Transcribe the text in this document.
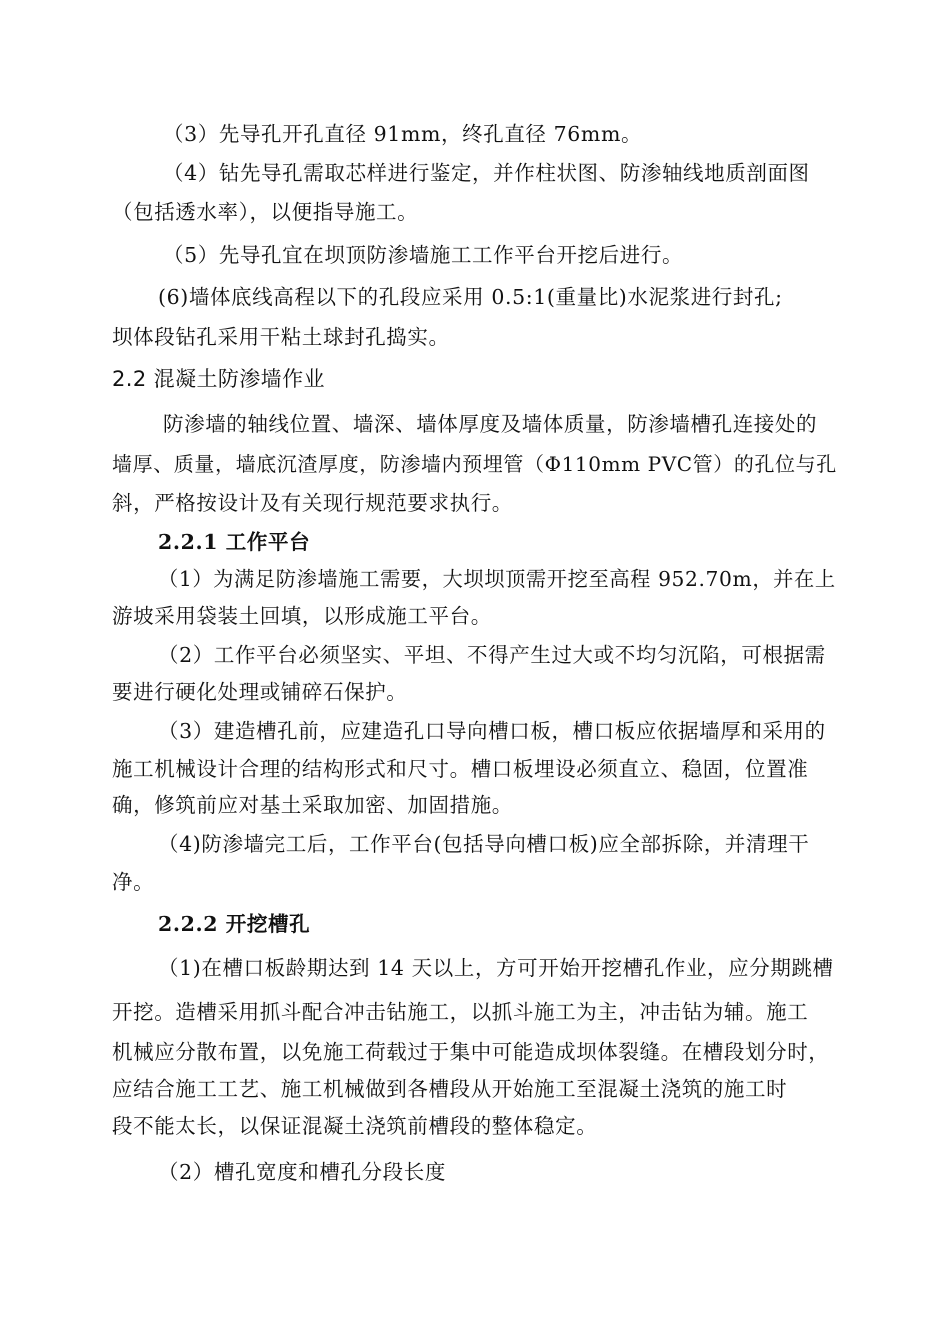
（3）先导孔开孔直径 91mm，终孔直径 76mm。
（4）钻先导孔需取芯样进行鉴定，并作柱状图、防渗轴线地质剖面图
（包括透水率），以便指导施工。
（5）先导孔宜在坝顶防渗墙施工工作平台开挖后进行。
(6)墙体底线高程以下的孔段应采用 0.5:1(重量比)水泥浆进行封孔;
坝体段钻孔采用干粘土球封孔捣实。
2.2 混凝土防渗墙作业
防渗墙的轴线位置、墙深、墙体厚度及墙体质量，防渗墙槽孔连接处的
墙厚、质量，墙底沉渣厚度，防渗墙内预埋管（Φ110mm PVC管）的孔位与孔
斜，严格按设计及有关现行规范要求执行。
2.2.1 工作平台
（1）为满足防渗墙施工需要，大坝坝顶需开挖至高程 952.70m，并在上
游坡采用袋装土回填，以形成施工平台。
（2）工作平台必须坚实、平坦、不得产生过大或不均匀沉陷，可根据需
要进行硬化处理或铺碎石保护。
（3）建造槽孔前，应建造孔口导向槽口板，槽口板应依据墙厚和采用的
施工机械设计合理的结构形式和尺寸。槽口板埋设必须直立、稳固，位置准
确，修筑前应对基土采取加密、加固措施。
（4)防渗墙完工后，工作平台(包括导向槽口板)应全部拆除，并清理干
净。
2.2.2 开挖槽孔
（1)在槽口板龄期达到 14 天以上，方可开始开挖槽孔作业，应分期跳槽
开挖。造槽采用抓斗配合冲击钻施工，以抓斗施工为主，冲击钻为辅。施工
机械应分散布置，以免施工荷载过于集中可能造成坝体裂缝。在槽段划分时，
应结合施工工艺、施工机械做到各槽段从开始施工至混凝土浇筑的施工时
段不能太长，以保证混凝土浇筑前槽段的整体稳定。
（2）槽孔宽度和槽孔分段长度
